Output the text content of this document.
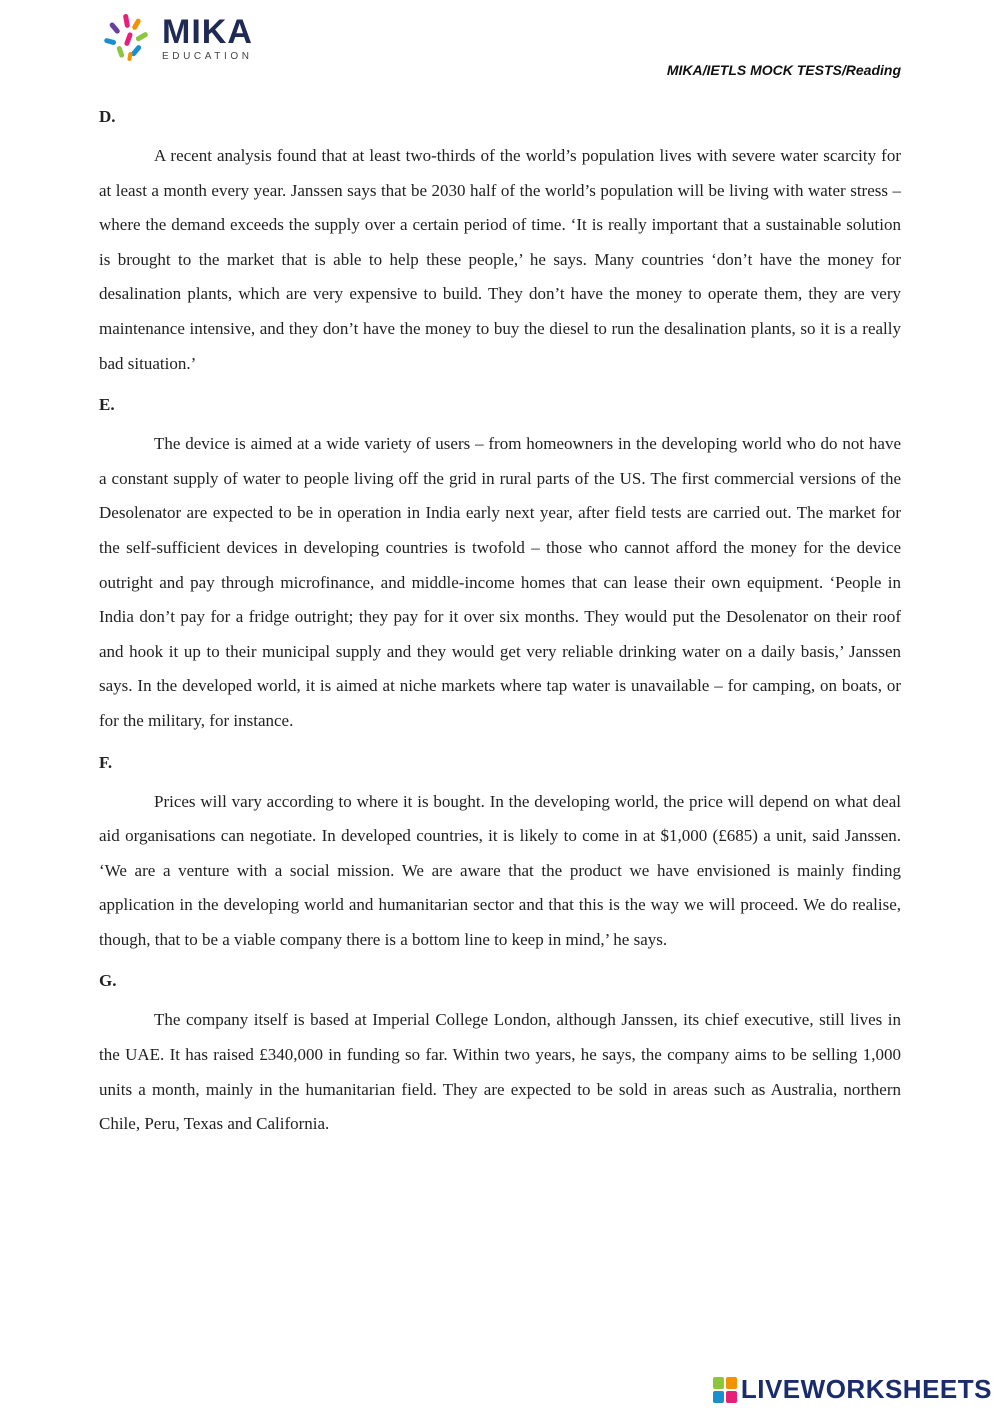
MIKA
EDUCATION
MIKA/IETLS MOCK TESTS/Reading

D.

A recent analysis found that at least two-thirds of the world’s population lives with severe water scarcity for at least a month every year. Janssen says that be 2030 half of the world’s population will be living with water stress – where the demand exceeds the supply over a certain period of time. ‘It is really important that a sustainable solution is brought to the market that is able to help these people,’ he says. Many countries ‘don’t have the money for desalination plants, which are very expensive to build. They don’t have the money to operate them, they are very maintenance intensive, and they don’t have the money to buy the diesel to run the desalination plants, so it is a really bad situation.’

E.

The device is aimed at a wide variety of users – from homeowners in the developing world who do not have a constant supply of water to people living off the grid in rural parts of the US. The first commercial versions of the Desolenator are expected to be in operation in India early next year, after field tests are carried out. The market for the self-sufficient devices in developing countries is twofold – those who cannot afford the money for the device outright and pay through microfinance, and middle-income homes that can lease their own equipment. ‘People in India don’t pay for a fridge outright; they pay for it over six months. They would put the Desolenator on their roof and hook it up to their municipal supply and they would get very reliable drinking water on a daily basis,’ Janssen says. In the developed world, it is aimed at niche markets where tap water is unavailable – for camping, on boats, or for the military, for instance.

F.

Prices will vary according to where it is bought. In the developing world, the price will depend on what deal aid organisations can negotiate. In developed countries, it is likely to come in at $1,000 (£685) a unit, said Janssen. ‘We are a venture with a social mission. We are aware that the product we have envisioned is mainly finding application in the developing world and humanitarian sector and that this is the way we will proceed. We do realise, though, that to be a viable company there is a bottom line to keep in mind,’ he says.

G.

The company itself is based at Imperial College London, although Janssen, its chief executive, still lives in the UAE. It has raised £340,000 in funding so far. Within two years, he says, the company aims to be selling 1,000 units a month, mainly in the humanitarian field. They are expected to be sold in areas such as Australia, northern Chile, Peru, Texas and California.

LIVEWORKSHEETS
